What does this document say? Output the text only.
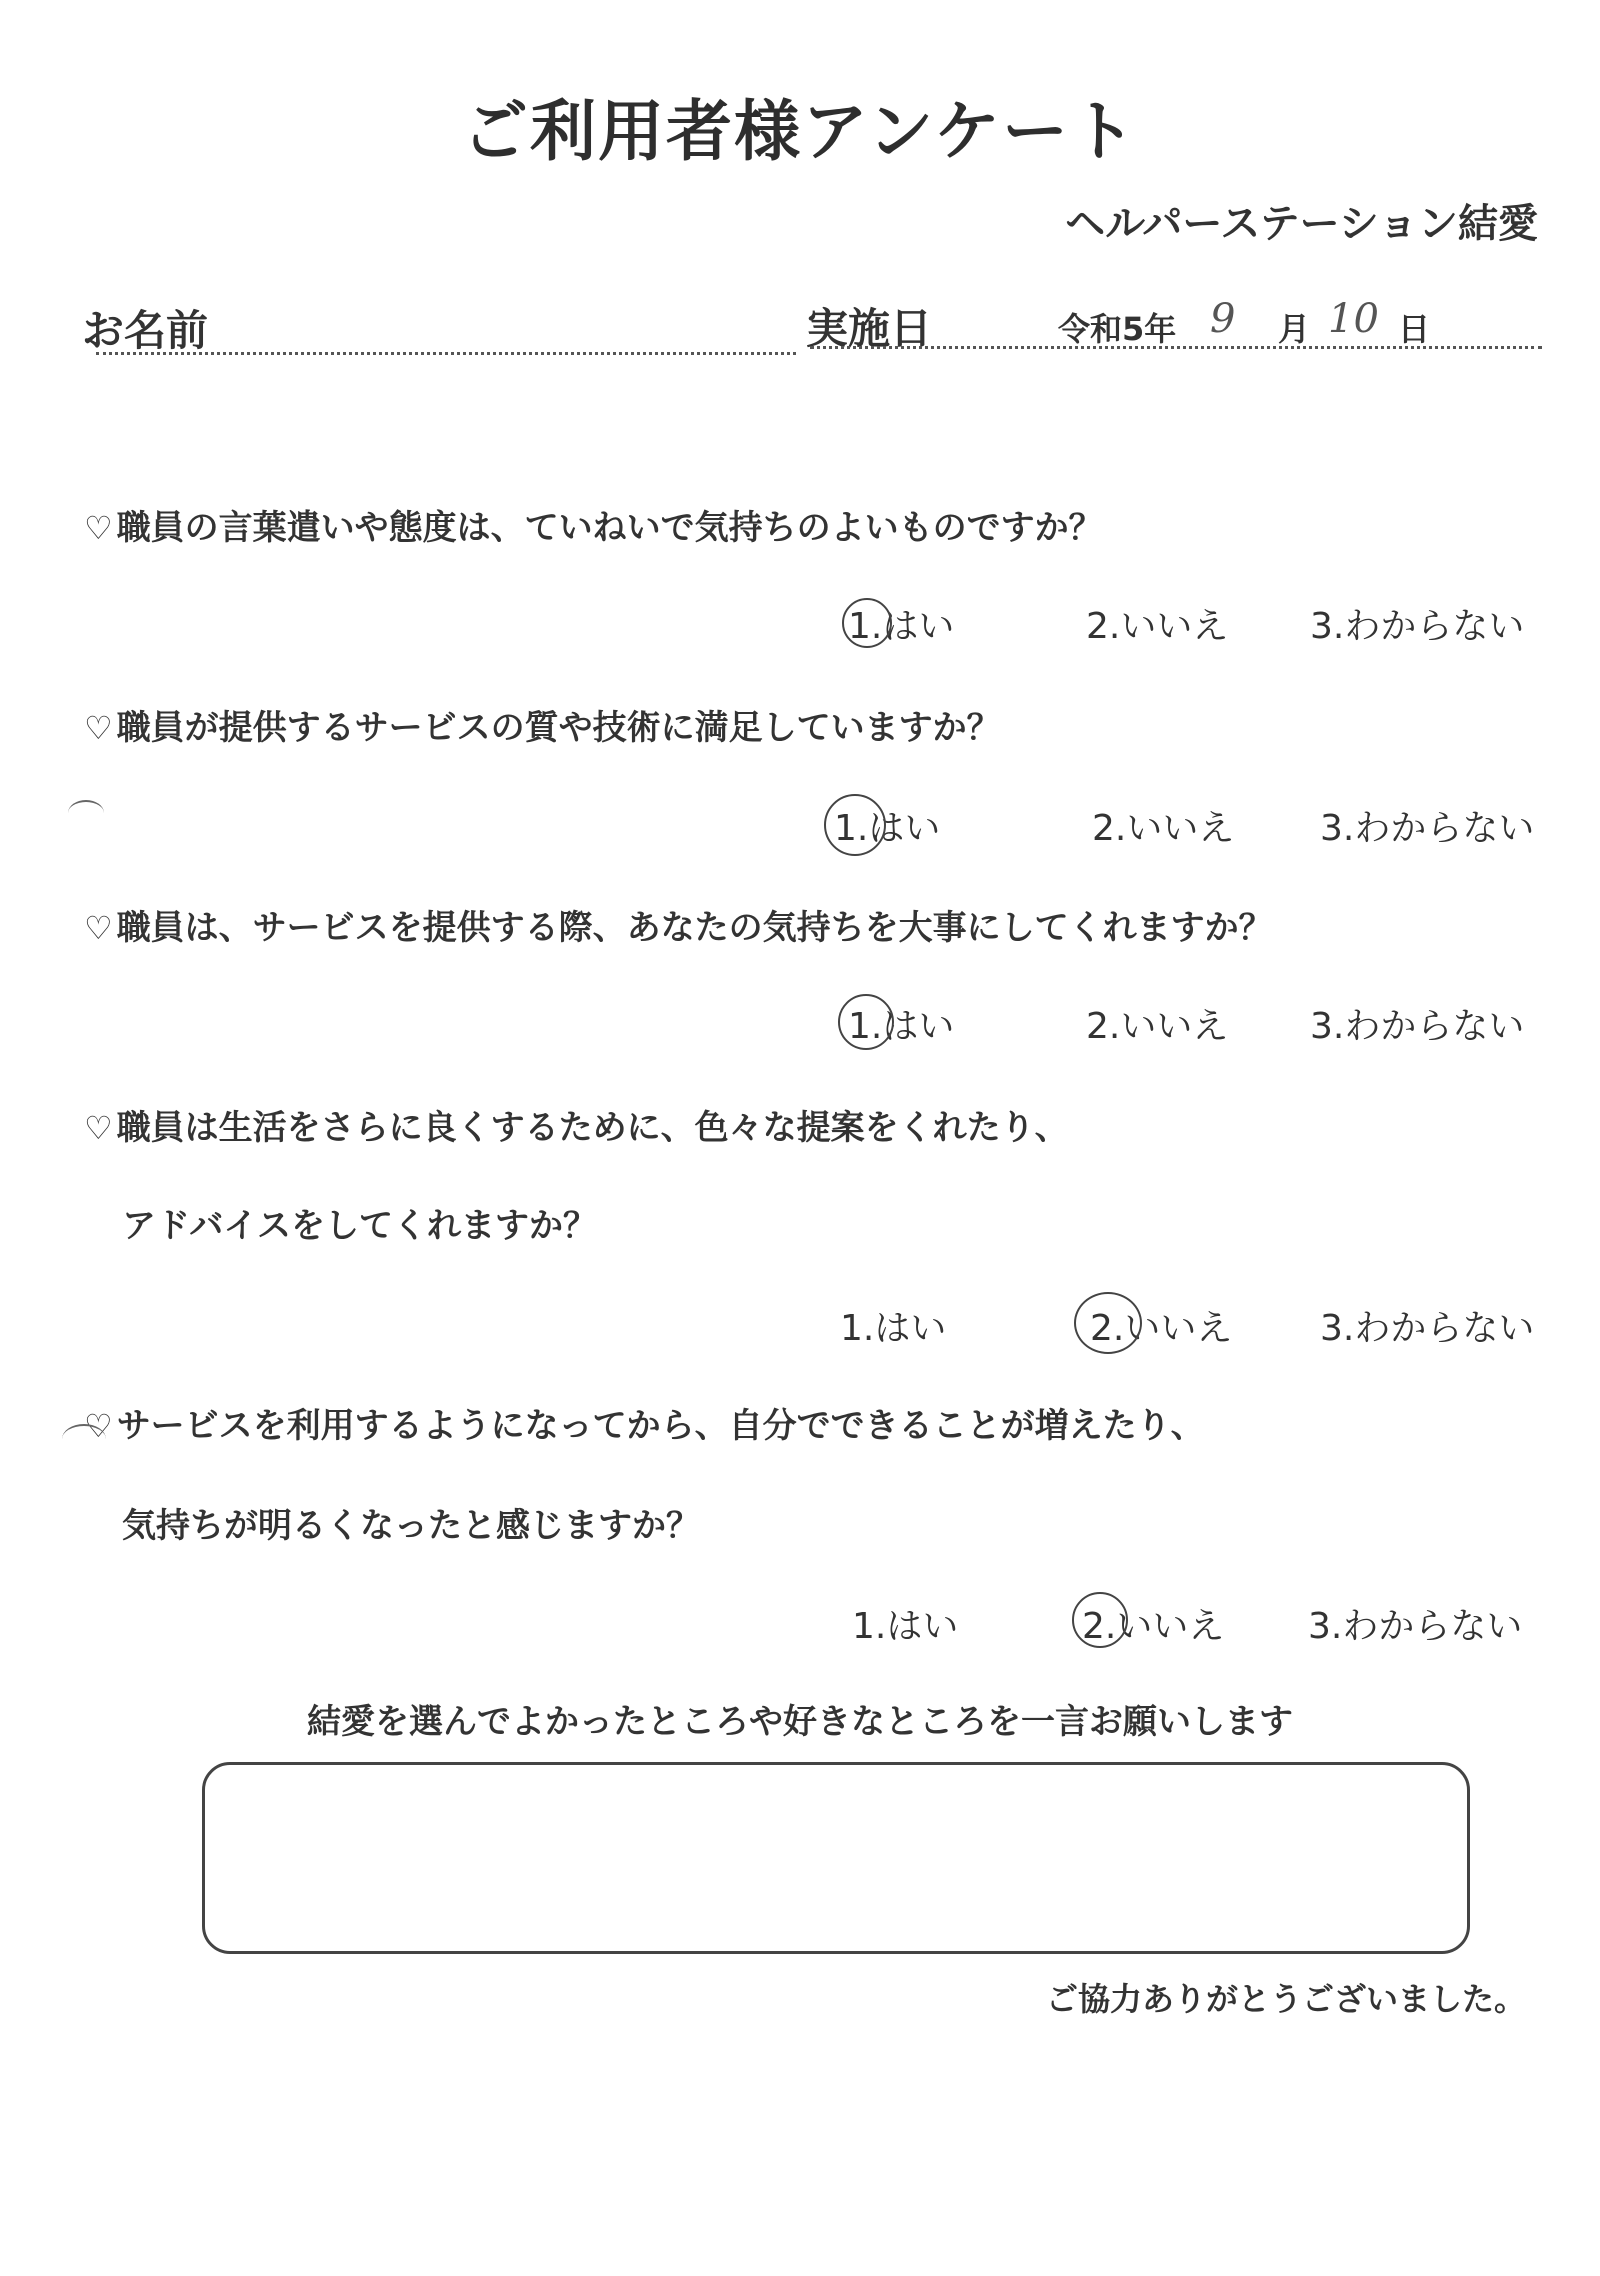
ご利用者様アンケート
ヘルパーステーション結愛
お名前	実施日	令和5年 9 月 10 日
♡ 職員の言葉遣いや態度は、ていねいで気持ちのよいものですか？
1.はい	2.いいえ 3.わからない
♡ 職員が提供するサービスの質や技術に満足していますか？
1.はい	2.いいえ 3.わからない
♡ 職員は、サービスを提供する際、あなたの気持ちを大事にしてくれますか？
1.はい	2.いいえ 3.わからない
♡ 職員は生活をさらに良くするために、色々な提案をくれたり、
アドバイスをしてくれますか？
1.はい	2.いいえ 3.わからない
♡ サービスを利用するようになってから、自分でできることが増えたり、
気持ちが明るくなったと感じますか？
1.はい	2.いいえ 3.わからない
結愛を選んでよかったところや好きなところを一言お願いします
ご協力ありがとうございました。
